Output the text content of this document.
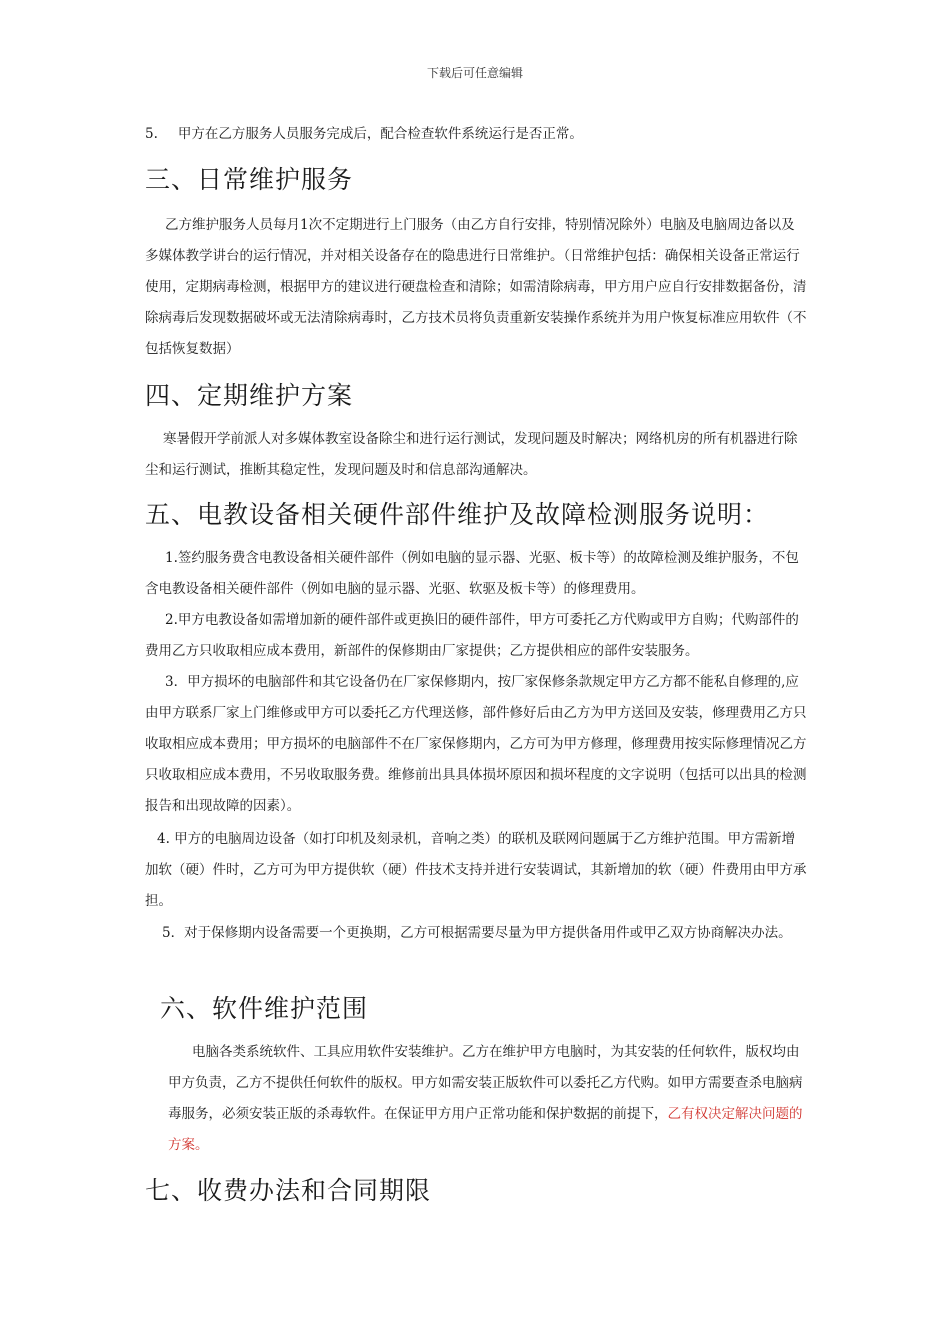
下载后可任意编辑
5. 甲方在乙方服务人员服务完成后，配合检查软件系统运行是否正常。
三、日常维护服务
乙方维护服务人员每月1次不定期进行上门服务（由乙方自行安排，特别情况除外）电脑及电脑周边备以及多媒体教学讲台的运行情况，并对相关设备存在的隐患进行日常维护。（日常维护包括：确保相关设备正常运行使用，定期病毒检测，根据甲方的建议进行硬盘检查和清除；如需清除病毒，甲方用户应自行安排数据备份，清除病毒后发现数据破坏或无法清除病毒时，乙方技术员将负责重新安装操作系统并为用户恢复标准应用软件（不包括恢复数据）
四、定期维护方案
寒暑假开学前派人对多媒体教室设备除尘和进行运行测试，发现问题及时解决；网络机房的所有机器进行除尘和运行测试，推断其稳定性，发现问题及时和信息部沟通解决。
五、电教设备相关硬件部件维护及故障检测服务说明：
1.签约服务费含电教设备相关硬件部件（例如电脑的显示器、光驱、板卡等）的故障检测及维护服务，不包含电教设备相关硬件部件（例如电脑的显示器、光驱、软驱及板卡等）的修理费用。
2.甲方电教设备如需增加新的硬件部件或更换旧的硬件部件，甲方可委托乙方代购或甲方自购；代购部件的费用乙方只收取相应成本费用，新部件的保修期由厂家提供；乙方提供相应的部件安装服务。
3．甲方损坏的电脑部件和其它设备仍在厂家保修期内，按厂家保修条款规定甲方乙方都不能私自修理的,应由甲方联系厂家上门维修或甲方可以委托乙方代理送修，部件修好后由乙方为甲方送回及安装，修理费用乙方只收取相应成本费用；甲方损坏的电脑部件不在厂家保修期内，乙方可为甲方修理，修理费用按实际修理情况乙方只收取相应成本费用，不另收取服务费。维修前出具具体损坏原因和损坏程度的文字说明（包括可以出具的检测报告和出现故障的因素）。
4. 甲方的电脑周边设备（如打印机及刻录机，音响之类）的联机及联网问题属于乙方维护范围。甲方需新增加软（硬）件时，乙方可为甲方提供软（硬）件技术支持并进行安装调试，其新增加的软（硬）件费用由甲方承担。
5．对于保修期内设备需要一个更换期，乙方可根据需要尽量为甲方提供备用件或甲乙双方协商解决办法。
六、软件维护范围
电脑各类系统软件、工具应用软件安装维护。乙方在维护甲方电脑时，为其安装的任何软件，版权均由甲方负责，乙方不提供任何软件的版权。甲方如需安装正版软件可以委托乙方代购。如甲方需要查杀电脑病毒服务，必须安装正版的杀毒软件。在保证甲方用户正常功能和保护数据的前提下，乙有权决定解决问题的方案。
七、收费办法和合同期限
